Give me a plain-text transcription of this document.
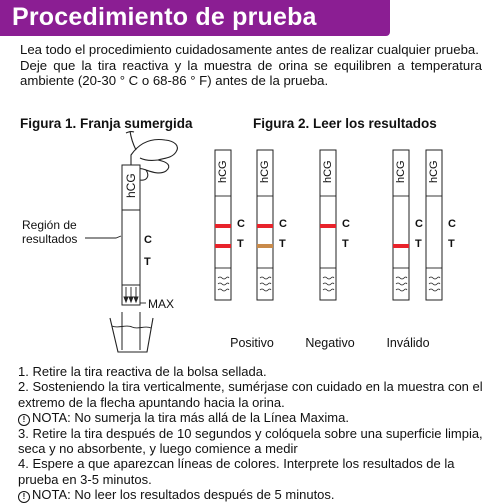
Procedimiento de prueba

Lea todo el procedimiento cuidadosamente antes de realizar cualquier prueba.

Deje que la tira reactiva y la muestra de orina se equilibren a temperatura ambiente (20-30 ° C o 68-86 ° F) antes de la prueba.

Figura 1. Franja sumergida	Figura 2. Leer los resultados
hCG
Región de resultados	C
T
MAX
hCG
C
T
hCG
C
T
Positivo
hCG
C
T
Negativo
hCG
C
T
hCG
C
T
Inválido

1. Retire la tira reactiva de la bolsa sellada.

2. Sosteniendo la tira verticalmente, sumérjase con cuidado en la muestra con el extremo de la flecha apuntando hacia la orina.

! NOTA: No sumerja la tira más allá de la Línea Maxima.

3. Retire la tira después de 10 segundos y colóquela sobre una superficie limpia, seca y no absorbente, y luego comience a medir

4. Espere a que aparezcan líneas de colores. Interprete los resultados de la prueba en 3-5 minutos.

! NOTA: No leer los resultados después de 5 minutos.
